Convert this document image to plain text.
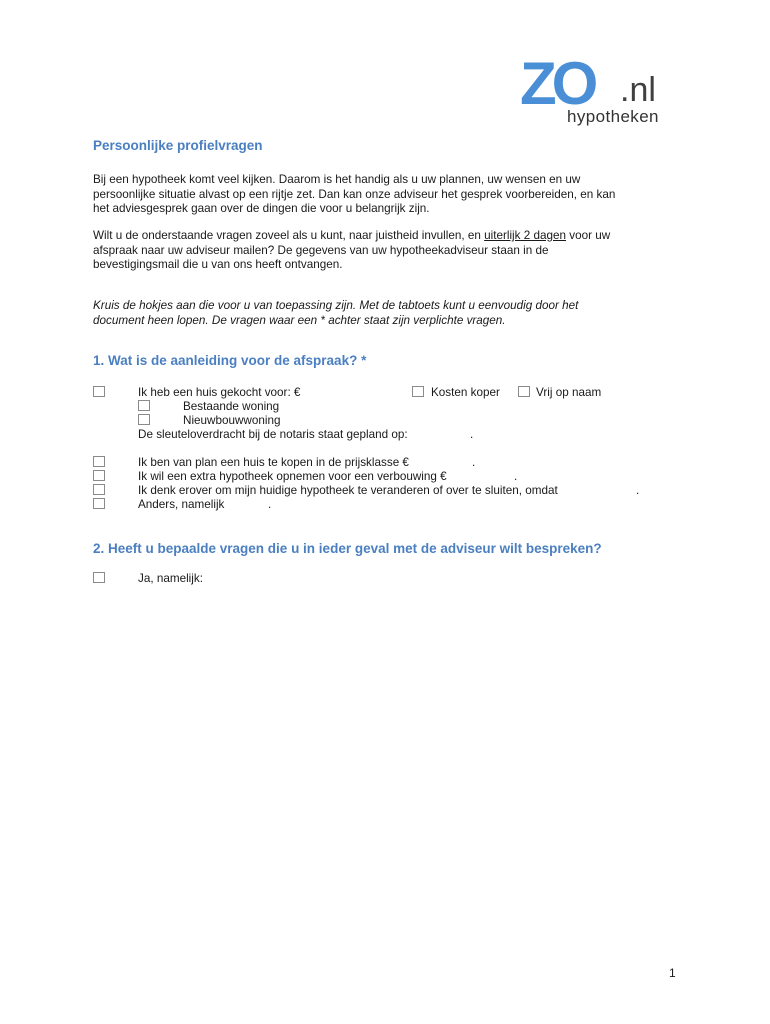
ZO .nl
hypotheken
Persoonlijke profielvragen
Bij een hypotheek komt veel kijken. Daarom is het handig als u uw plannen, uw wensen en uw
persoonlijke situatie alvast op een rijtje zet. Dan kan onze adviseur het gesprek voorbereiden, en kan
het adviesgesprek gaan over de dingen die voor u belangrijk zijn.
Wilt u de onderstaande vragen zoveel als u kunt, naar juistheid invullen, en uiterlijk 2 dagen voor uw
afspraak naar uw adviseur mailen? De gegevens van uw hypotheekadviseur staan in de
bevestigingsmail die u van ons heeft ontvangen.
Kruis de hokjes aan die voor u van toepassing zijn. Met de tabtoets kunt u eenvoudig door het
document heen lopen. De vragen waar een * achter staat zijn verplichte vragen.
1. Wat is de aanleiding voor de afspraak? *
Ik heb een huis gekocht voor: €	Kosten koper	Vrij op naam
Bestaande woning
Nieuwbouwwoning
De sleuteloverdracht bij de notaris staat gepland op:	.
Ik ben van plan een huis te kopen in de prijsklasse €	.
Ik wil een extra hypotheek opnemen voor een verbouwing €	.
Ik denk erover om mijn huidige hypotheek te veranderen of over te sluiten, omdat	.
Anders, namelijk	.
2. Heeft u bepaalde vragen die u in ieder geval met de adviseur wilt bespreken?
Ja, namelijk:
1
